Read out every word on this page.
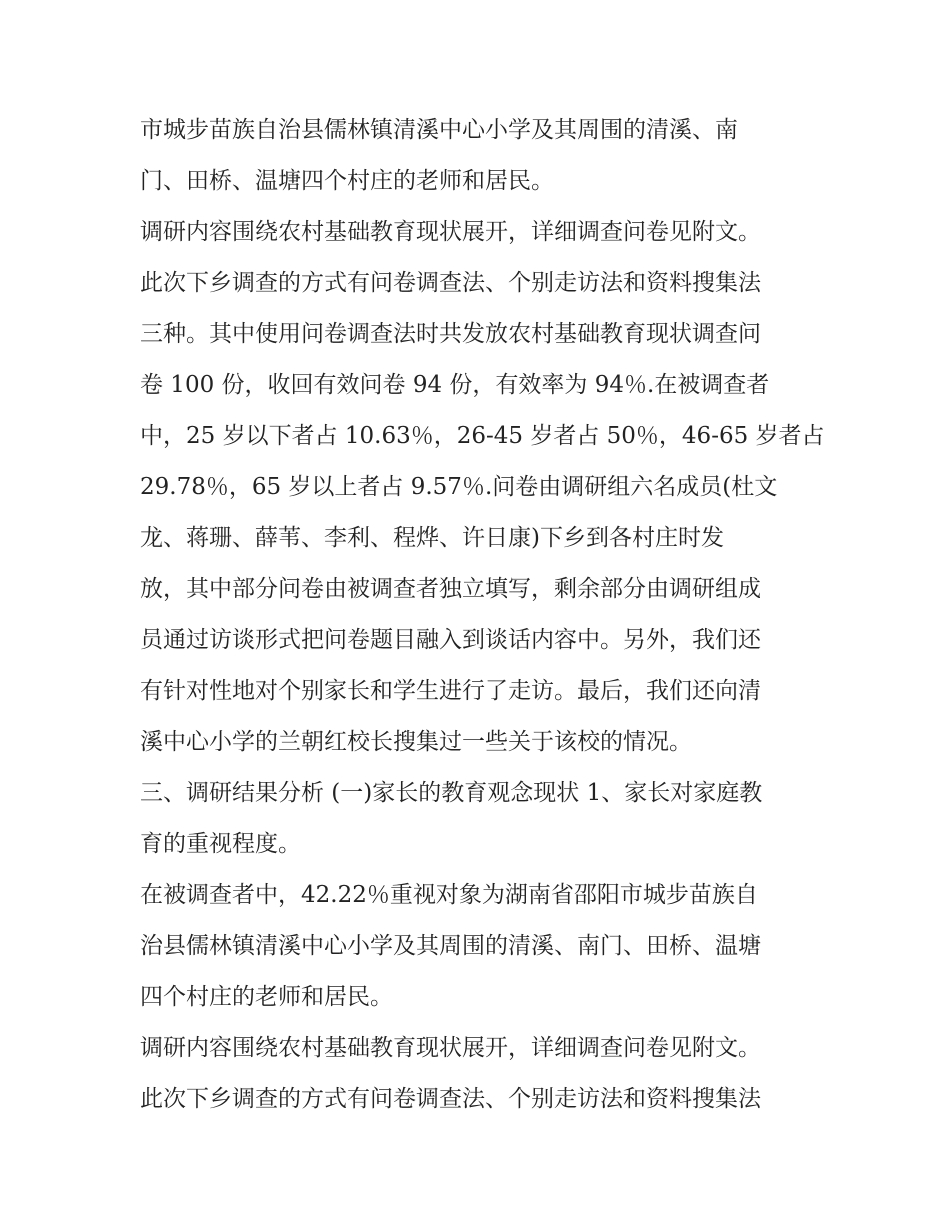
市城步苗族自治县儒林镇清溪中心小学及其周围的清溪、南
门、田桥、温塘四个村庄的老师和居民。
调研内容围绕农村基础教育现状展开，详细调查问卷见附文。
此次下乡调查的方式有问卷调查法、个别走访法和资料搜集法
三种。其中使用问卷调查法时共发放农村基础教育现状调查问
卷 100 份，收回有效问卷 94 份，有效率为 94％.在被调查者
中，25 岁以下者占 10.63％，26-45 岁者占 50％，46-65 岁者占
29.78％，65 岁以上者占 9.57％.问卷由调研组六名成员(杜文
龙、蒋珊、薛苇、李利、程烨、许日康)下乡到各村庄时发
放，其中部分问卷由被调查者独立填写，剩余部分由调研组成
员通过访谈形式把问卷题目融入到谈话内容中。另外，我们还
有针对性地对个别家长和学生进行了走访。最后，我们还向清
溪中心小学的兰朝红校长搜集过一些关于该校的情况。
三、调研结果分析 (一)家长的教育观念现状 1、家长对家庭教
育的重视程度。
在被调查者中，42.22％重视对象为湖南省邵阳市城步苗族自
治县儒林镇清溪中心小学及其周围的清溪、南门、田桥、温塘
四个村庄的老师和居民。
调研内容围绕农村基础教育现状展开，详细调查问卷见附文。
此次下乡调查的方式有问卷调查法、个别走访法和资料搜集法
